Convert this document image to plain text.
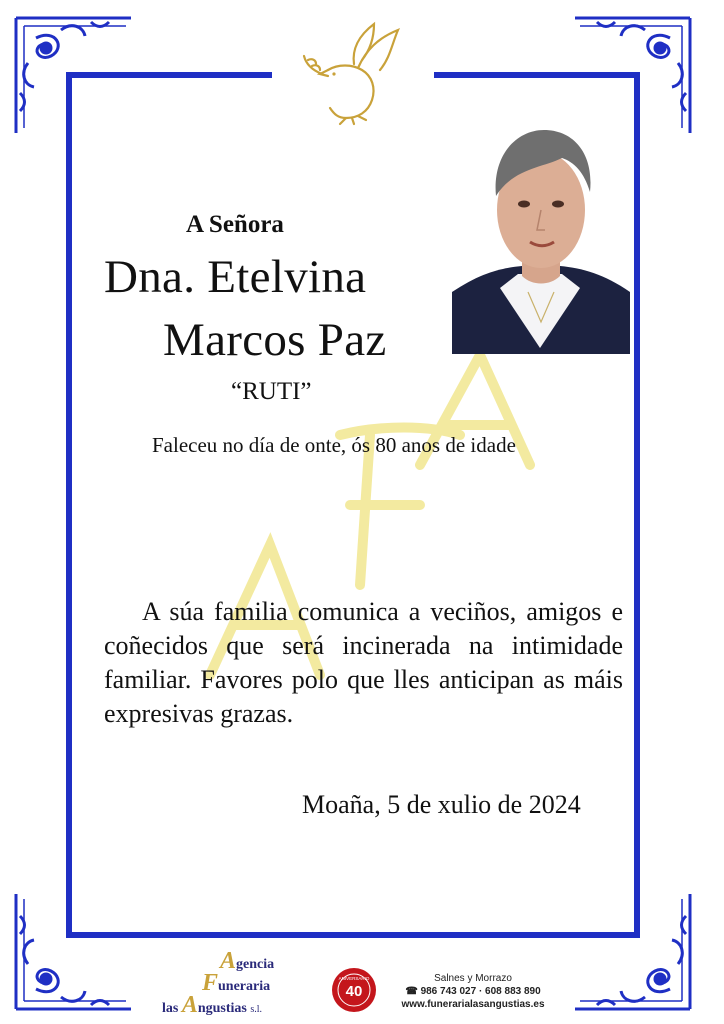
A Señora
Dna. Etelvina
Marcos Paz
“RUTI”
Faleceu no día de onte, ós 80 anos de idade
A súa familia comunica a veciños, amigos e coñecidos que será incinerada na intimidade familiar. Favores polo que lles anticipan as máis expresivas grazas.
Moaña, 5 de xulio de 2024
Agencia
Funeraria
las Angustias s.l.
40
ANIVERSARIO	Salnes y Morrazo
☎ 986 743 027 · 608 883 890
www.funerarialasangustias.es
